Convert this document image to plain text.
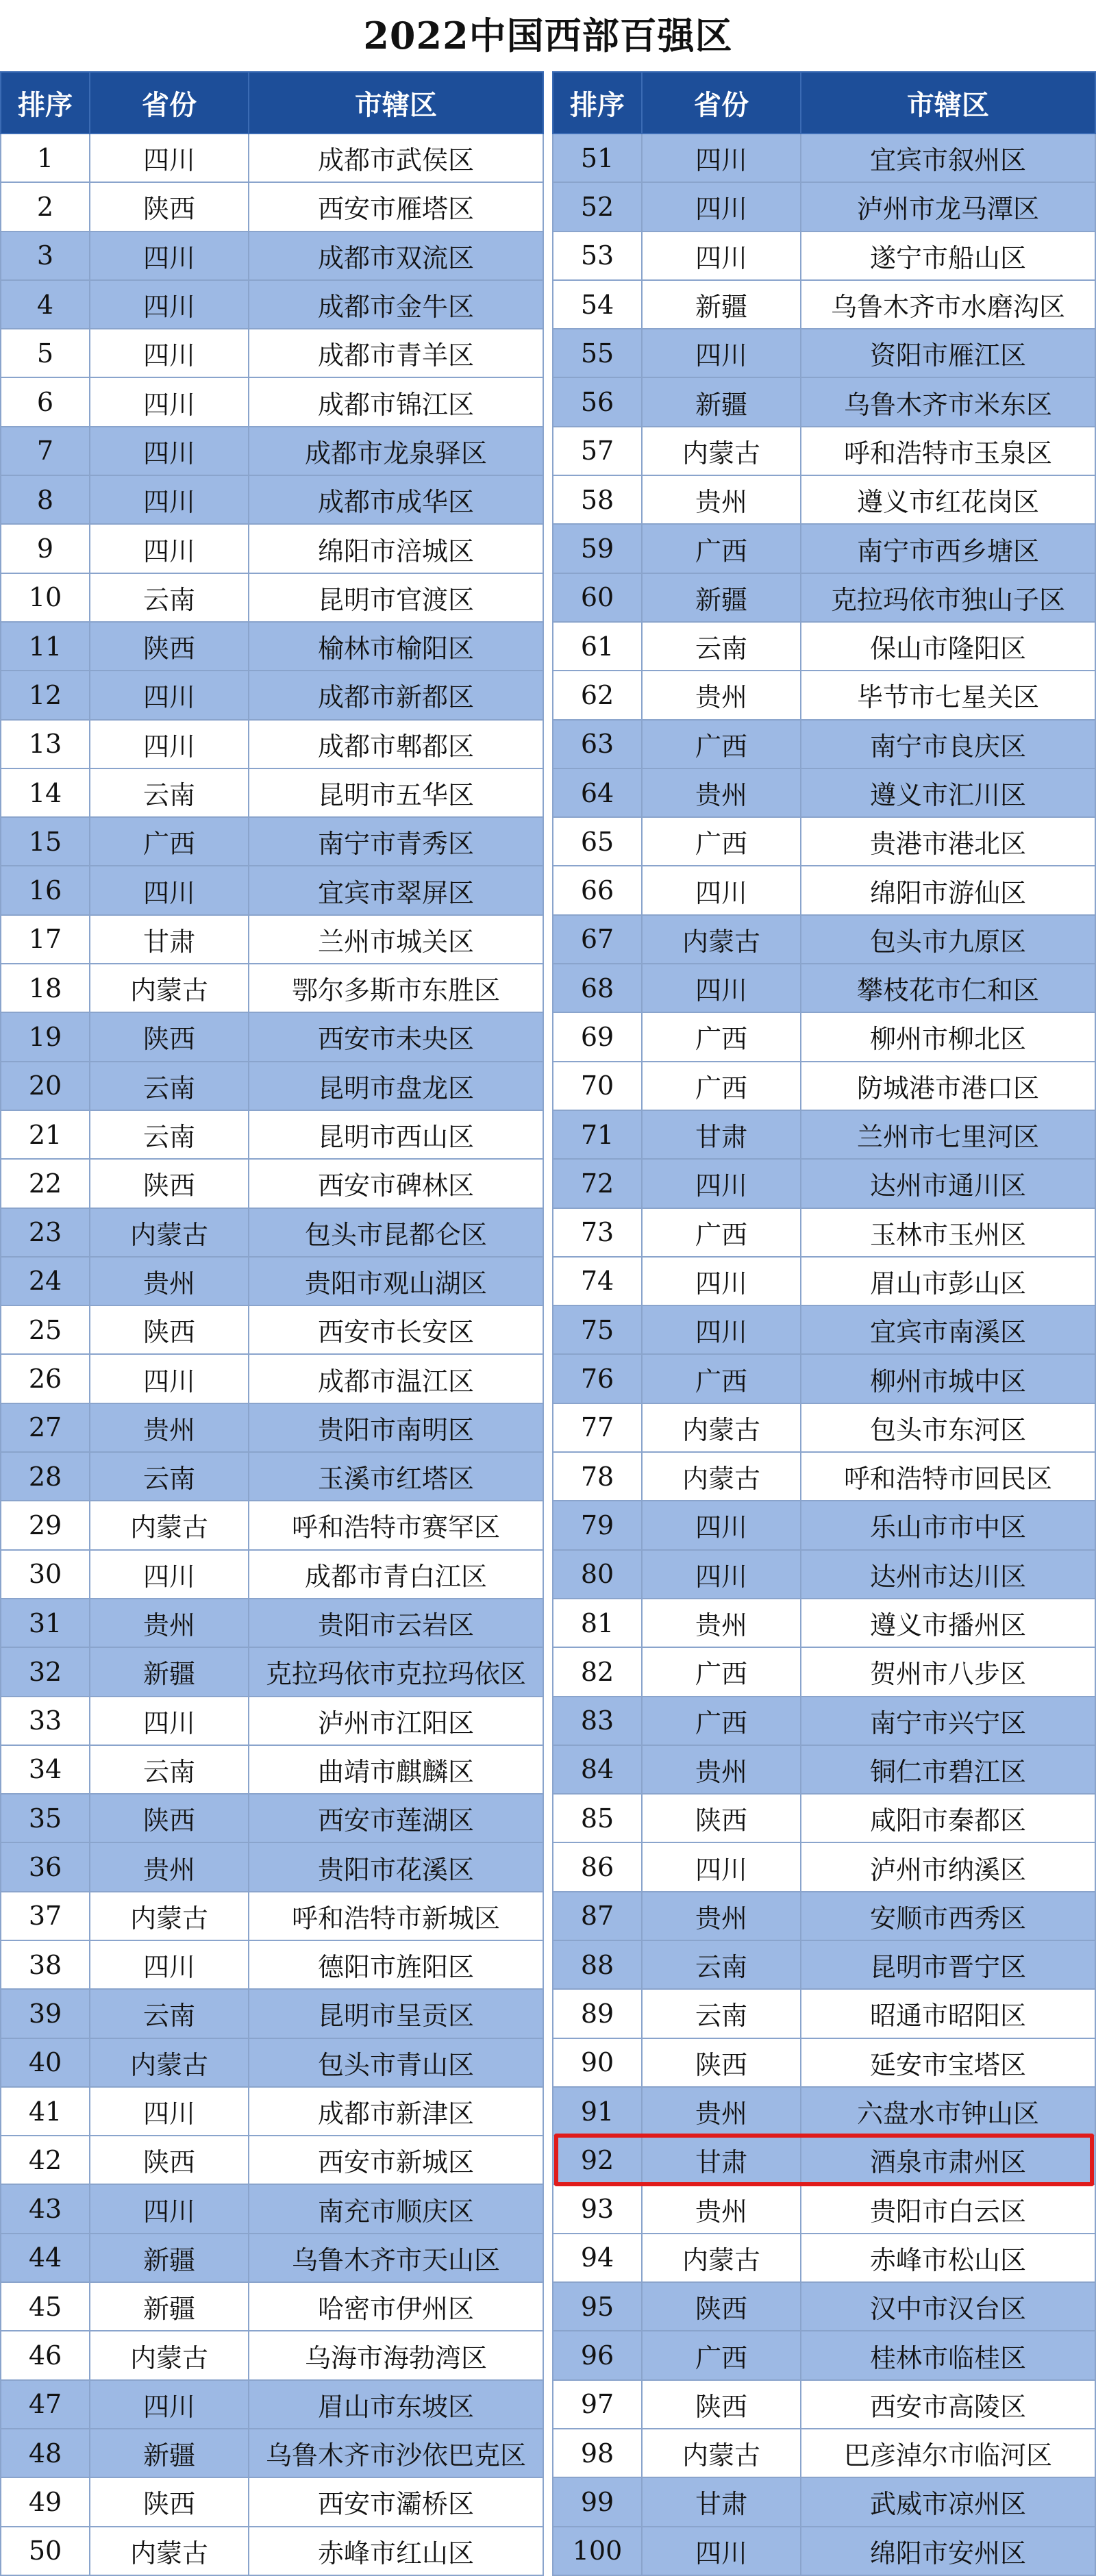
2022中国西部百强区
排序	省份	市辖区
1	四川	成都市武侯区
2	陕西	西安市雁塔区
3	四川	成都市双流区
4	四川	成都市金牛区
5	四川	成都市青羊区
6	四川	成都市锦江区
7	四川	成都市龙泉驿区
8	四川	成都市成华区
9	四川	绵阳市涪城区
10	云南	昆明市官渡区
11	陕西	榆林市榆阳区
12	四川	成都市新都区
13	四川	成都市郫都区
14	云南	昆明市五华区
15	广西	南宁市青秀区
16	四川	宜宾市翠屏区
17	甘肃	兰州市城关区
18	内蒙古	鄂尔多斯市东胜区
19	陕西	西安市未央区
20	云南	昆明市盘龙区
21	云南	昆明市西山区
22	陕西	西安市碑林区
23	内蒙古	包头市昆都仑区
24	贵州	贵阳市观山湖区
25	陕西	西安市长安区
26	四川	成都市温江区
27	贵州	贵阳市南明区
28	云南	玉溪市红塔区
29	内蒙古	呼和浩特市赛罕区
30	四川	成都市青白江区
31	贵州	贵阳市云岩区
32	新疆	克拉玛依市克拉玛依区
33	四川	泸州市江阳区
34	云南	曲靖市麒麟区
35	陕西	西安市莲湖区
36	贵州	贵阳市花溪区
37	内蒙古	呼和浩特市新城区
38	四川	德阳市旌阳区
39	云南	昆明市呈贡区
40	内蒙古	包头市青山区
41	四川	成都市新津区
42	陕西	西安市新城区
43	四川	南充市顺庆区
44	新疆	乌鲁木齐市天山区
45	新疆	哈密市伊州区
46	内蒙古	乌海市海勃湾区
47	四川	眉山市东坡区
48	新疆	乌鲁木齐市沙依巴克区
49	陕西	西安市灞桥区
50	内蒙古	赤峰市红山区
排序	省份	市辖区
51	四川	宜宾市叙州区
52	四川	泸州市龙马潭区
53	四川	遂宁市船山区
54	新疆	乌鲁木齐市水磨沟区
55	四川	资阳市雁江区
56	新疆	乌鲁木齐市米东区
57	内蒙古	呼和浩特市玉泉区
58	贵州	遵义市红花岗区
59	广西	南宁市西乡塘区
60	新疆	克拉玛依市独山子区
61	云南	保山市隆阳区
62	贵州	毕节市七星关区
63	广西	南宁市良庆区
64	贵州	遵义市汇川区
65	广西	贵港市港北区
66	四川	绵阳市游仙区
67	内蒙古	包头市九原区
68	四川	攀枝花市仁和区
69	广西	柳州市柳北区
70	广西	防城港市港口区
71	甘肃	兰州市七里河区
72	四川	达州市通川区
73	广西	玉林市玉州区
74	四川	眉山市彭山区
75	四川	宜宾市南溪区
76	广西	柳州市城中区
77	内蒙古	包头市东河区
78	内蒙古	呼和浩特市回民区
79	四川	乐山市市中区
80	四川	达州市达川区
81	贵州	遵义市播州区
82	广西	贺州市八步区
83	广西	南宁市兴宁区
84	贵州	铜仁市碧江区
85	陕西	咸阳市秦都区
86	四川	泸州市纳溪区
87	贵州	安顺市西秀区
88	云南	昆明市晋宁区
89	云南	昭通市昭阳区
90	陕西	延安市宝塔区
91	贵州	六盘水市钟山区
92	甘肃	酒泉市肃州区
93	贵州	贵阳市白云区
94	内蒙古	赤峰市松山区
95	陕西	汉中市汉台区
96	广西	桂林市临桂区
97	陕西	西安市高陵区
98	内蒙古	巴彦淖尔市临河区
99	甘肃	武威市凉州区
100	四川	绵阳市安州区
